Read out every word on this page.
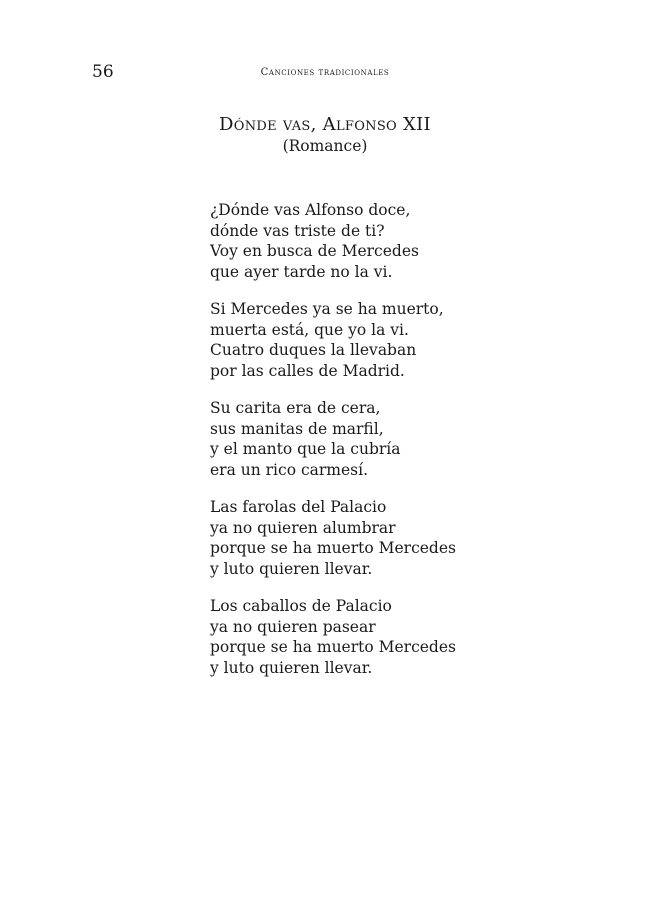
56	Canciones tradicionales
Dónde vas, Alfonso XII
(Romance)
¿Dónde vas Alfonso doce,
dónde vas triste de ti?
Voy en busca de Mercedes
que ayer tarde no la vi.
Si Mercedes ya se ha muerto,
muerta está, que yo la vi.
Cuatro duques la llevaban
por las calles de Madrid.
Su carita era de cera,
sus manitas de marfil,
y el manto que la cubría
era un rico carmesí.
Las farolas del Palacio
ya no quieren alumbrar
porque se ha muerto Mercedes
y luto quieren llevar.
Los caballos de Palacio
ya no quieren pasear
porque se ha muerto Mercedes
y luto quieren llevar.
